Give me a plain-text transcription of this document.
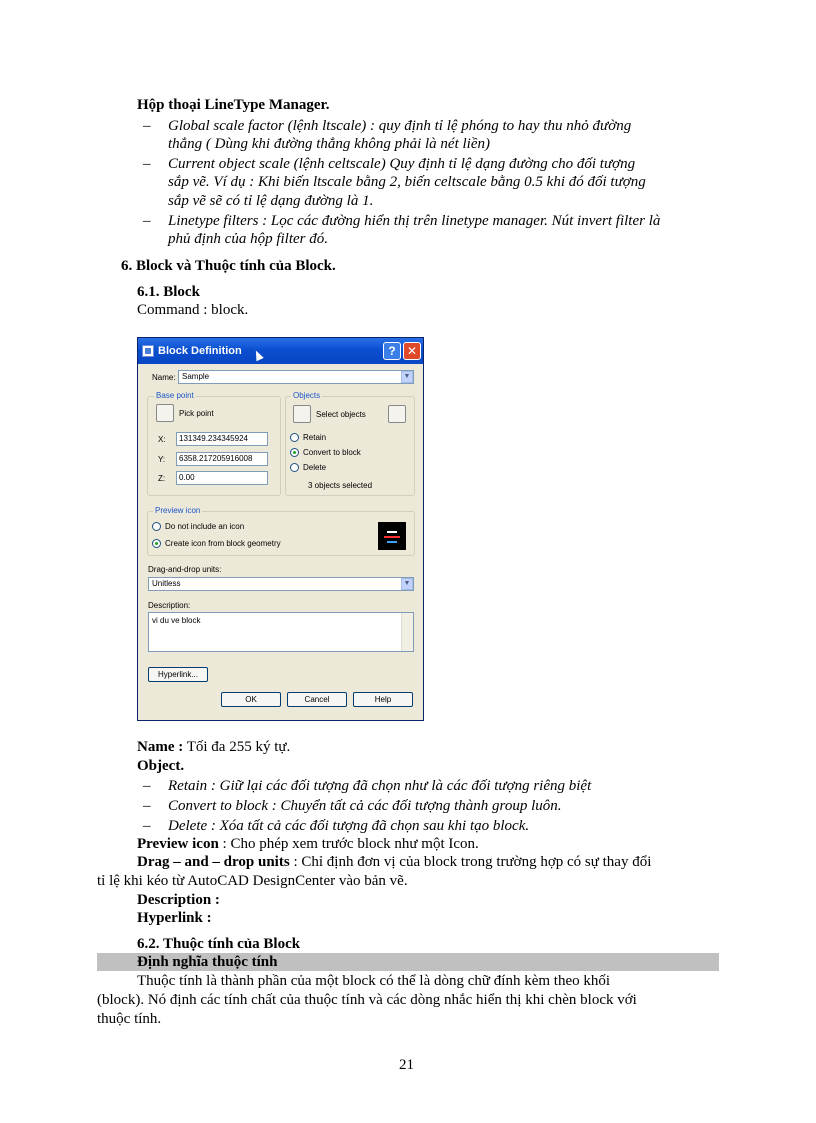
Hộp thoại LineType Manager.
– Global scale factor (lệnh ltscale) : quy định tỉ lệ phóng to hay thu nhỏ đường
thẳng ( Dùng khi đường thẳng không phải là nét liền)
– Current object scale (lệnh celtscale) Quy định tỉ lệ dạng đường cho đối tượng
sắp vẽ. Ví dụ : Khi biến ltscale bằng 2, biến celtscale bằng 0.5 khi đó đối tượng
sắp vẽ sẽ có tỉ lệ dạng đường là 1.
– Linetype filters : Lọc các đường hiển thị trên linetype manager. Nút invert filter là
phủ định của hộp filter đó.
6. Block và Thuộc tính của Block.
6.1. Block
Command : block.
Block Definition	? ✕
Name: Sample	▼
Base point
Pick point
X: 131349.234345924
Y: 6358.217205916008
Z: 0.00
Objects
Select objects
Retain
Convert to block
Delete
3 objects selected
Preview icon
Do not include an icon
Create icon from block geometry
Drag-and-drop units:
Unitless	▼
Description:
vi du ve block
Hyperlink...
OK	Cancel	Help
Name : Tối đa 255 ký tự.
Object.
– Retain : Giữ lại các đối tượng đã chọn như là các đối tượng riêng biệt
– Convert to block : Chuyển tất cả các đối tượng thành group luôn.
– Delete : Xóa tất cả các đối tượng đã chọn sau khi tạo block.
Preview icon : Cho phép xem trước block như một Icon.
Drag – and – drop units : Chỉ định đơn vị của block trong trường hợp có sự thay đổi
tỉ lệ khi kéo từ AutoCAD DesignCenter vào bản vẽ.
Description :
Hyperlink :
6.2. Thuộc tính của Block
Định nghĩa thuộc tính
Thuộc tính là thành phần của một block có thể là dòng chữ đính kèm theo khối
(block). Nó định các tính chất của thuộc tính và các dòng nhắc hiển thị khi chèn block với
thuộc tính.
21
